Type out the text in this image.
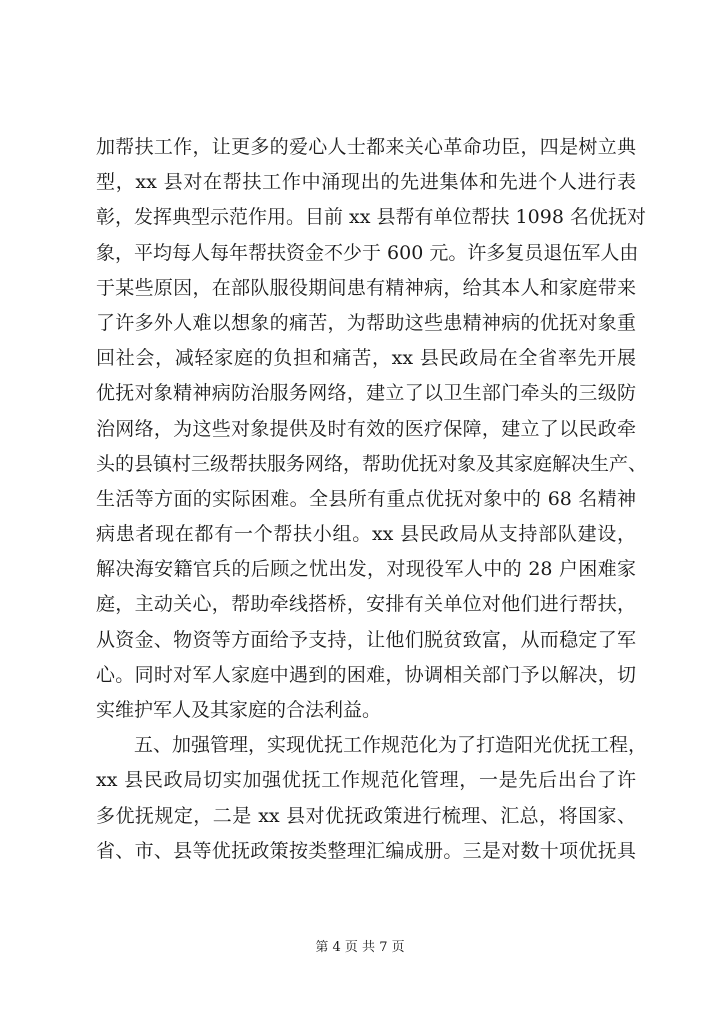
加帮扶工作，让更多的爱心人士都来关心革命功臣，四是树立典
型，xx 县对在帮扶工作中涌现出的先进集体和先进个人进行表
彰，发挥典型示范作用。目前 xx 县帮有单位帮扶 1098 名优抚对
象，平均每人每年帮扶资金不少于 600 元。许多复员退伍军人由
于某些原因，在部队服役期间患有精神病，给其本人和家庭带来
了许多外人难以想象的痛苦，为帮助这些患精神病的优抚对象重
回社会，减轻家庭的负担和痛苦，xx 县民政局在全省率先开展
优抚对象精神病防治服务网络，建立了以卫生部门牵头的三级防
治网络，为这些对象提供及时有效的医疗保障，建立了以民政牵
头的县镇村三级帮扶服务网络，帮助优抚对象及其家庭解决生产、
生活等方面的实际困难。全县所有重点优抚对象中的 68 名精神
病患者现在都有一个帮扶小组。xx 县民政局从支持部队建设，
解决海安籍官兵的后顾之忧出发，对现役军人中的 28 户困难家
庭，主动关心，帮助牵线搭桥，安排有关单位对他们进行帮扶，
从资金、物资等方面给予支持，让他们脱贫致富，从而稳定了军
心。同时对军人家庭中遇到的困难，协调相关部门予以解决，切
实维护军人及其家庭的合法利益。
五、加强管理，实现优抚工作规范化为了打造阳光优抚工程，
xx 县民政局切实加强优抚工作规范化管理，一是先后出台了许
多优抚规定，二是 xx 县对优抚政策进行梳理、汇总，将国家、
省、市、县等优抚政策按类整理汇编成册。三是对数十项优抚具
第 4 页 共 7 页
